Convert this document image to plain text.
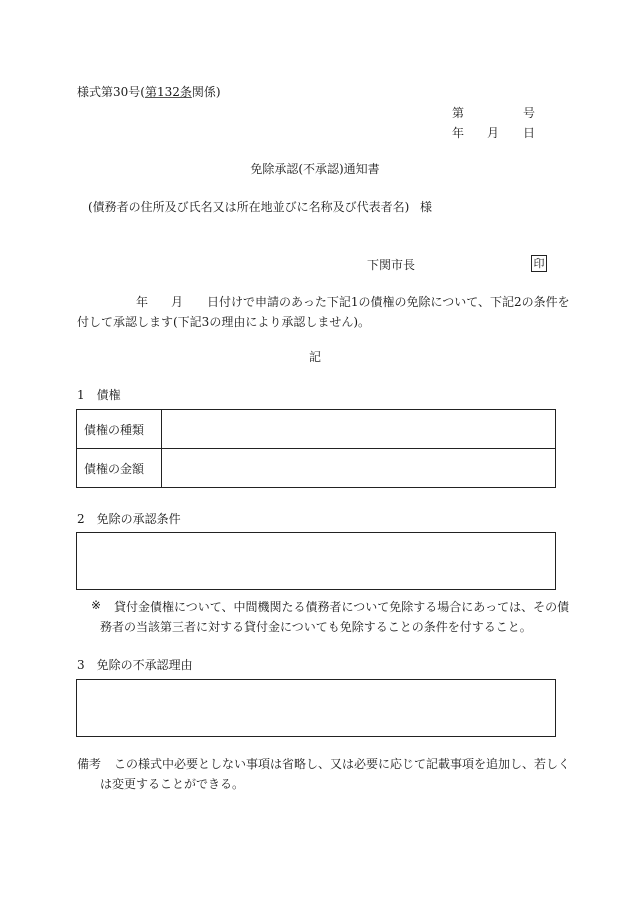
様式第30号(第132条関係)
第	号
年 月 日
免除承認(不承認)通知書
(債務者の住所及び氏名又は所在地並びに名称及び代表者名) 様
下関市長	印
年 月 日付けで申請のあった下記1の債権の免除について、下記2の条件を
付して承認します(下記3の理由により承認しません)。
記
1　債権
債権の種類	
債権の金額	
2　免除の承認条件
※ 貸付金債権について、中間機関たる債務者について免除する場合にあっては、その債
務者の当該第三者に対する貸付金についても免除することの条件を付すること。
3　免除の不承認理由
備考 この様式中必要としない事項は省略し、又は必要に応じて記載事項を追加し、若しく
は変更することができる。
